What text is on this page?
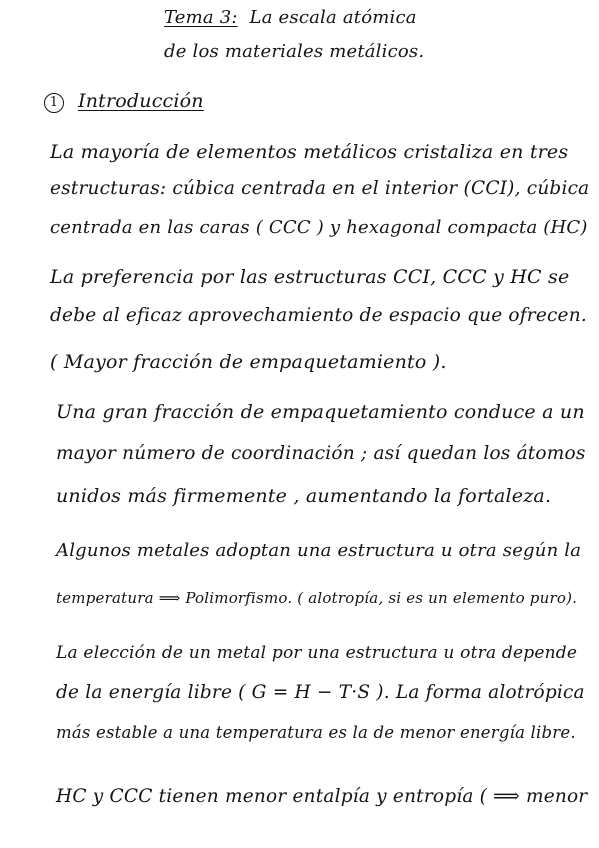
Tema 3: La escala atómica
de los materiales metálicos.
1 Introducción
La mayoría de elementos metálicos cristaliza en tres
estructuras: cúbica centrada en el interior (CCI), cúbica
centrada en las caras ( CCC ) y hexagonal compacta (HC)
La preferencia por las estructuras CCI, CCC y HC se
debe al eficaz aprovechamiento de espacio que ofrecen.
( Mayor fracción de empaquetamiento ).
Una gran fracción de empaquetamiento conduce a un
mayor número de coordinación ; así quedan los átomos
unidos más firmemente , aumentando la fortaleza.
Algunos metales adoptan una estructura u otra según la
temperatura ⟹ Polimorfismo. ( alotropía, si es un elemento puro).
La elección de un metal por una estructura u otra depende
de la energía libre ( G = H − T·S ). La forma alotrópica
más estable a una temperatura es la de menor energía libre.
HC y CCC tienen menor entalpía y entropía ( ⟹ menor
